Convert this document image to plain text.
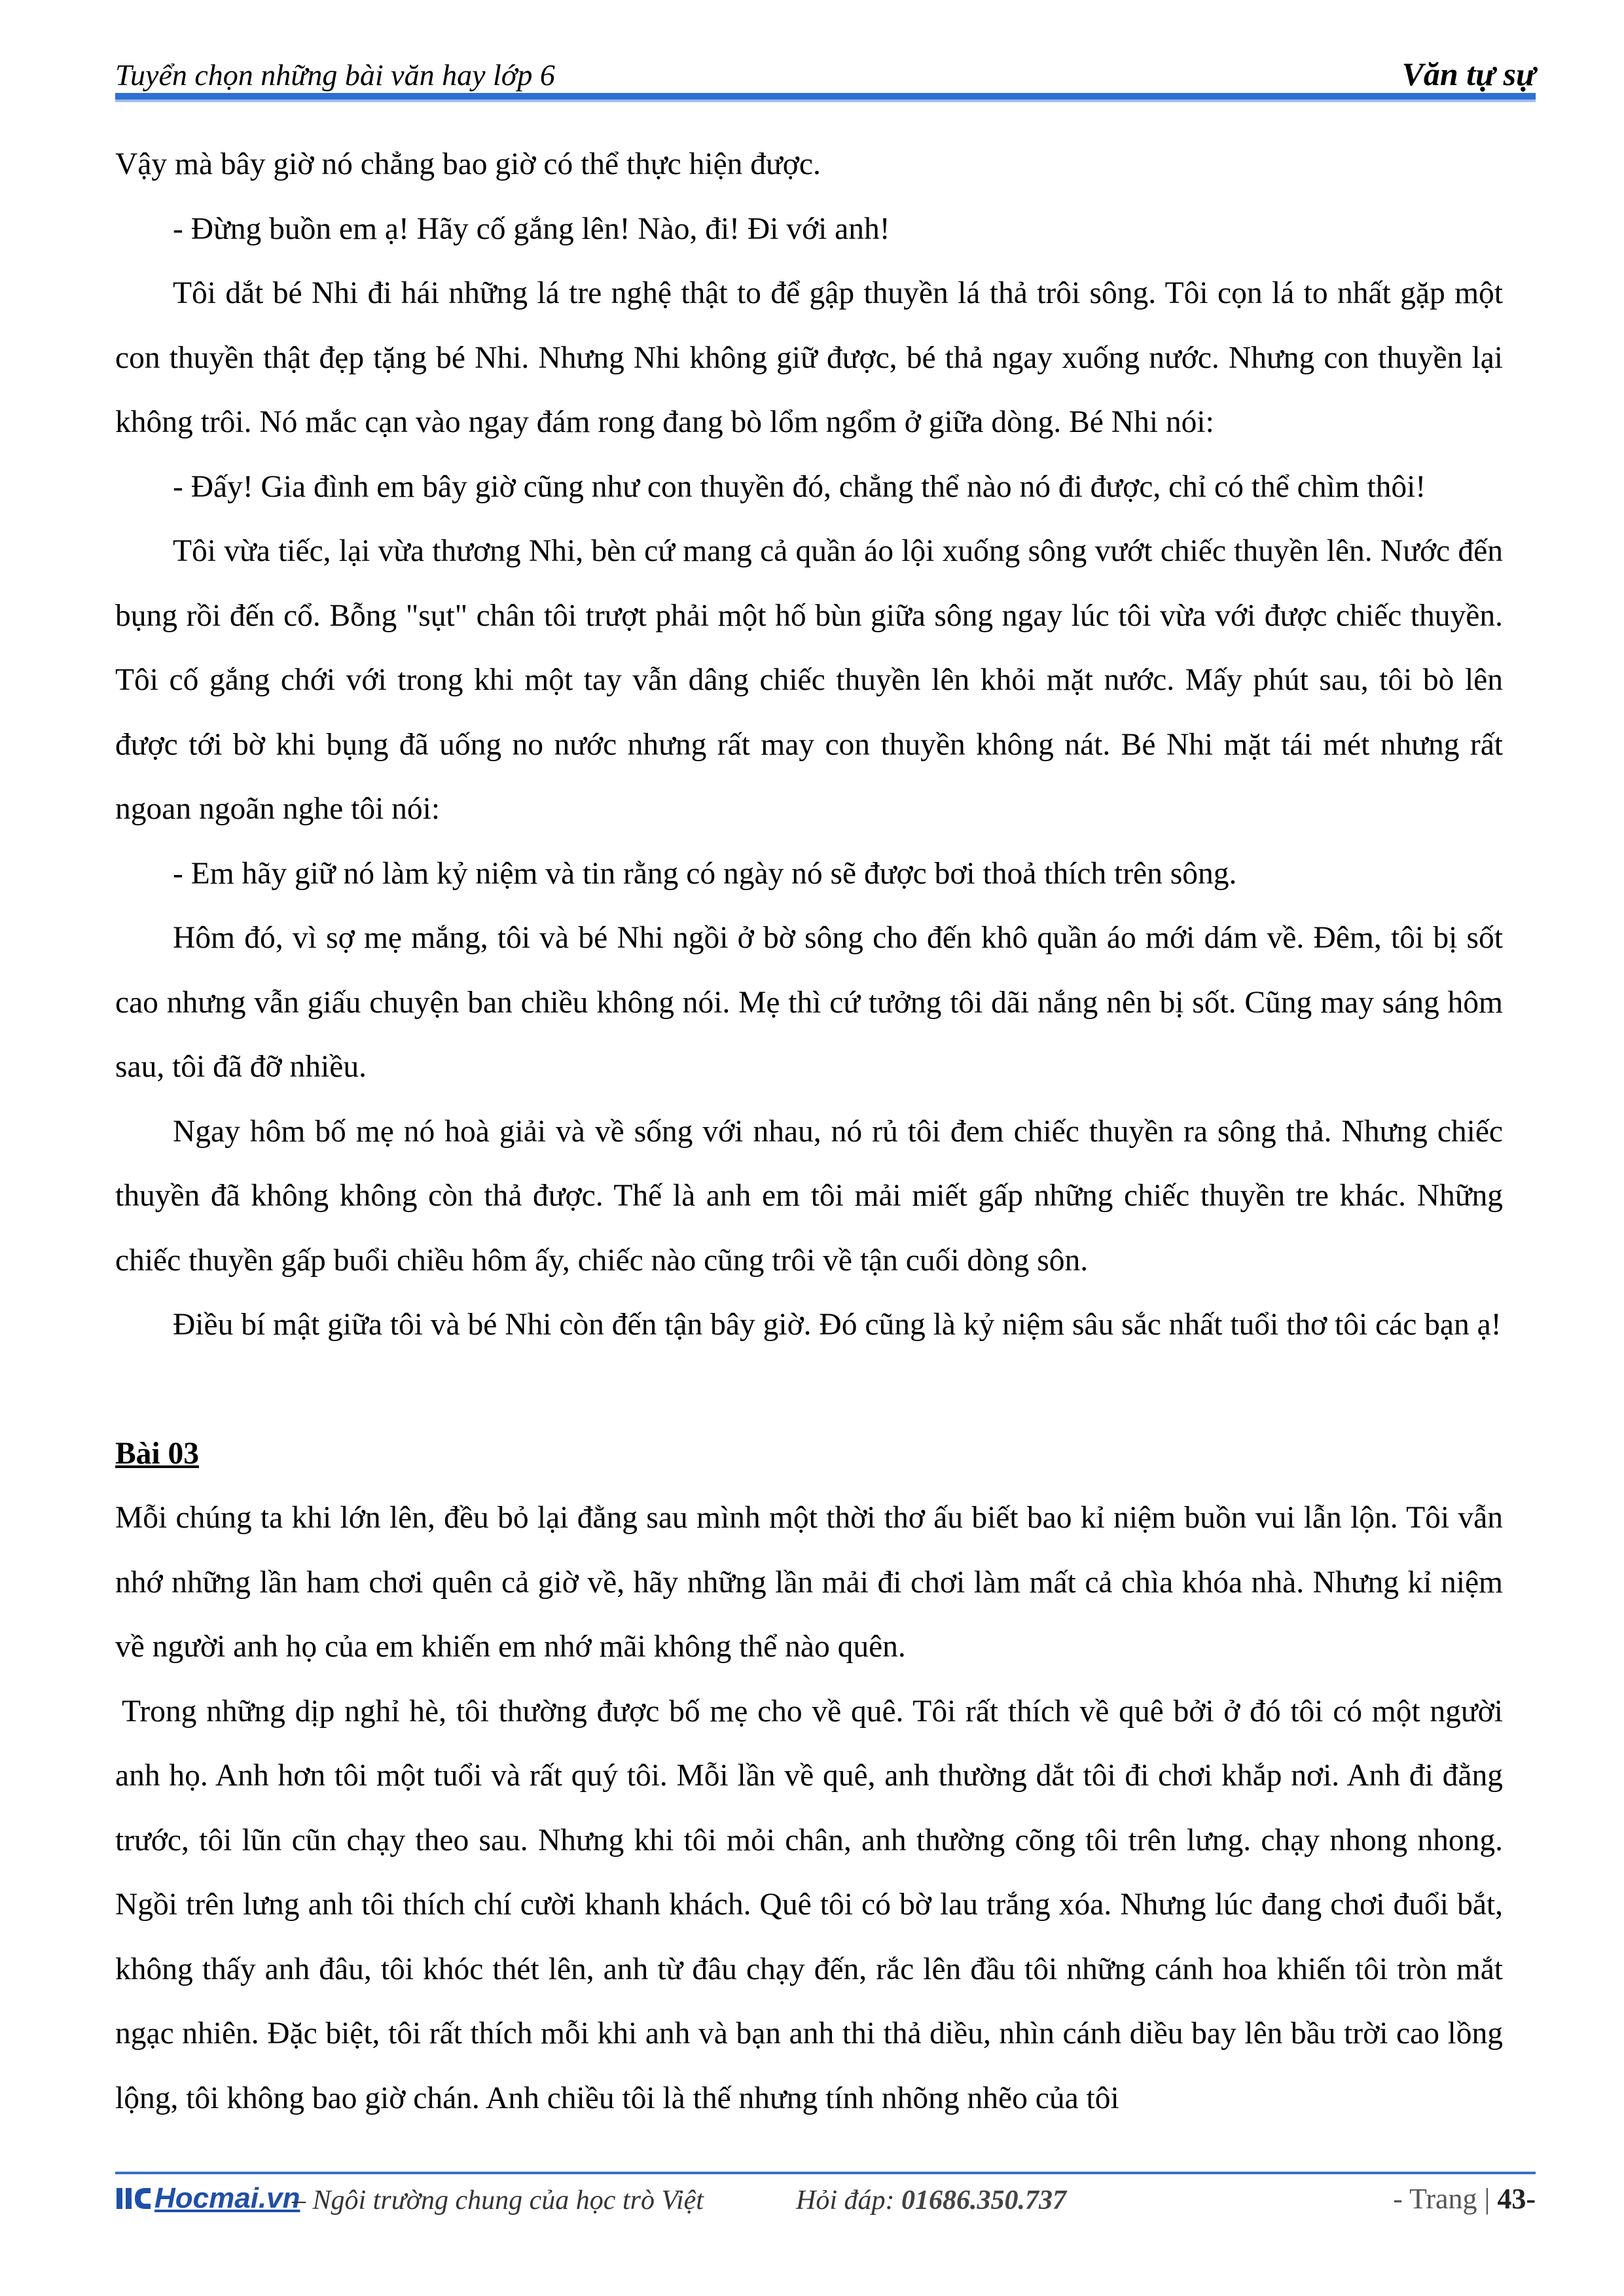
Tuyển chọn những bài văn hay lớp 6	Văn tự sự

Vậy mà bây giờ nó chẳng bao giờ có thể thực hiện được.

- Đừng buồn em ạ! Hãy cố gắng lên! Nào, đi! Đi với anh!

Tôi dắt bé Nhi đi hái những lá tre nghệ thật to để gập thuyền lá thả trôi sông. Tôi cọn lá to nhất gặp một con thuyền thật đẹp tặng bé Nhi. Nhưng Nhi không giữ được, bé thả ngay xuống nước. Nhưng con thuyền lại không trôi. Nó mắc cạn vào ngay đám rong đang bò lổm ngổm ở giữa dòng. Bé Nhi nói:

- Đấy! Gia đình em bây giờ cũng như con thuyền đó, chẳng thể nào nó đi được, chỉ có thể chìm thôi!

Tôi vừa tiếc, lại vừa thương Nhi, bèn cứ mang cả quần áo lội xuống sông vướt chiếc thuyền lên. Nước đến bụng rồi đến cổ. Bỗng "sụt" chân tôi trượt phải một hố bùn giữa sông ngay lúc tôi vừa với được chiếc thuyền. Tôi cố gắng chới với trong khi một tay vẫn dâng chiếc thuyền lên khỏi mặt nước. Mấy phút sau, tôi bò lên được tới bờ khi bụng đã uống no nước nhưng rất may con thuyền không nát. Bé Nhi mặt tái mét nhưng rất ngoan ngoãn nghe tôi nói:

- Em hãy giữ nó làm kỷ niệm và tin rằng có ngày nó sẽ được bơi thoả thích trên sông.

Hôm đó, vì sợ mẹ mắng, tôi và bé Nhi ngồi ở bờ sông cho đến khô quần áo mới dám về. Đêm, tôi bị sốt cao nhưng vẫn giấu chuyện ban chiều không nói. Mẹ thì cứ tưởng tôi dãi nắng nên bị sốt. Cũng may sáng hôm sau, tôi đã đỡ nhiều.

Ngay hôm bố mẹ nó hoà giải và về sống với nhau, nó rủ tôi đem chiếc thuyền ra sông thả. Nhưng chiếc thuyền đã không không còn thả được. Thế là anh em tôi mải miết gấp những chiếc thuyền tre khác. Những chiếc thuyền gấp buổi chiều hôm ấy, chiếc nào cũng trôi về tận cuối dòng sôn.

Điều bí mật giữa tôi và bé Nhi còn đến tận bây giờ. Đó cũng là kỷ niệm sâu sắc nhất tuổi thơ tôi các bạn ạ!

Bài 03

Mỗi chúng ta khi lớn lên, đều bỏ lại đằng sau mình một thời thơ ấu biết bao kỉ niệm buồn vui lẫn lộn. Tôi vẫn nhớ những lần ham chơi quên cả giờ về, hãy những lần mải đi chơi làm mất cả chìa khóa nhà. Nhưng kỉ niệm về người anh họ của em khiến em nhớ mãi không thể nào quên.

Trong những dịp nghỉ hè, tôi thường được bố mẹ cho về quê. Tôi rất thích về quê bởi ở đó tôi có một người anh họ. Anh hơn tôi một tuổi và rất quý tôi. Mỗi lần về quê, anh thường dắt tôi đi chơi khắp nơi. Anh đi đằng trước, tôi lũn cũn chạy theo sau. Nhưng khi tôi mỏi chân, anh thường cõng tôi trên lưng. chạy nhong nhong. Ngồi trên lưng anh tôi thích chí cười khanh khách. Quê tôi có bờ lau trắng xóa. Nhưng lúc đang chơi đuổi bắt, không thấy anh đâu, tôi khóc thét lên, anh từ đâu chạy đến, rắc lên đầu tôi những cánh hoa khiến tôi tròn mắt ngạc nhiên. Đặc biệt, tôi rất thích mỗi khi anh và bạn anh thi thả diều, nhìn cánh diều bay lên bầu trời cao lồng lộng, tôi không bao giờ chán. Anh chiều tôi là thế nhưng tính nhõng nhẽo của tôi

Hocmai.vn
– Ngôi trường chung của học trò Việt	Hỏi đáp: 01686.350.737	- Trang | 43-
